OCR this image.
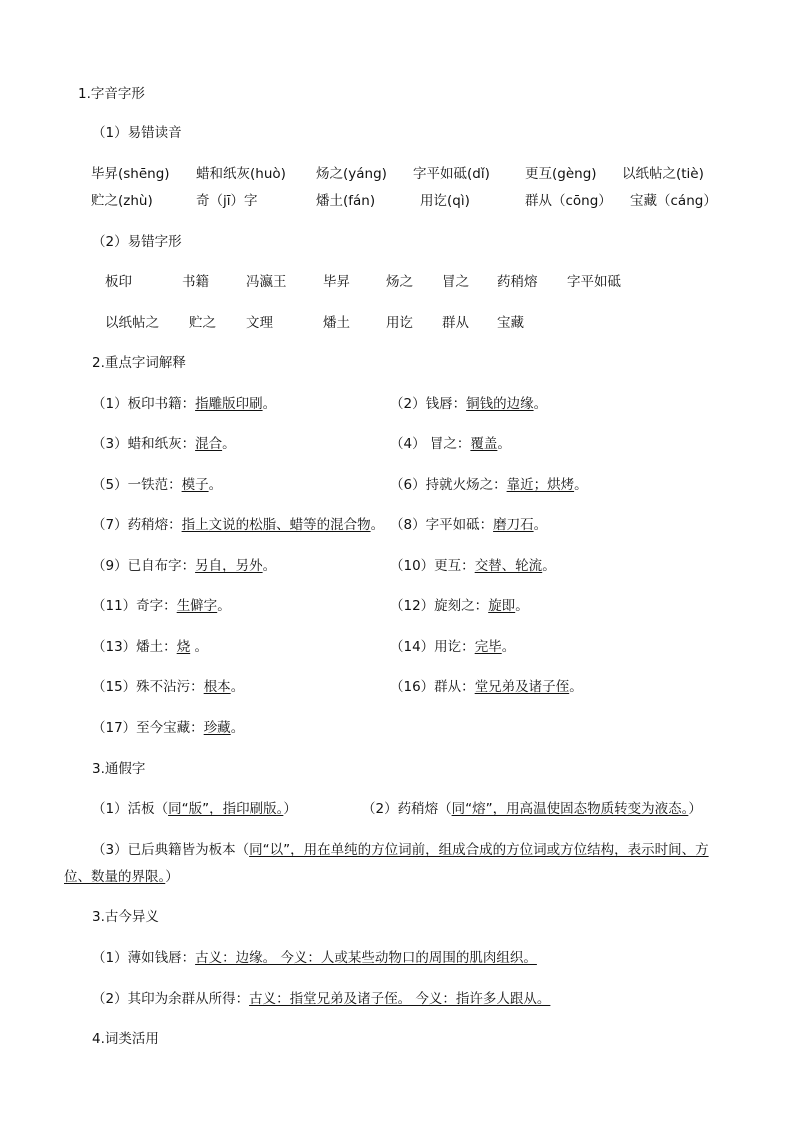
1.字音字形
（1）易错读音
毕昇(shēng) 蜡和纸灰(huò) 炀之(yáng) 字平如砥(dǐ)	更互(gèng) 以纸帖之(tiè)
贮之(zhù)	奇（jī）字	燔土(fán)	用讫(qì)	群从（cōng） 宝藏（cáng）
（2）易错字形
板印	书籍	冯瀛王	毕昇	炀之 冒之 药稍熔 字平如砥
以纸帖之 贮之 文理	燔土	用讫 群从 宝藏
2.重点字词解释
（1）板印书籍：指雕版印刷。	（2）钱唇：铜钱的边缘。
（3）蜡和纸灰：混合。	（4） 冒之：覆盖。
（5）一铁范：模子。	（6）持就火炀之：靠近；烘烤。
（7）药稍熔：指上文说的松脂、蜡等的混合物。 （8）字平如砥：磨刀石。
（9）已自布字：另自，另外。	（10）更互：交替、轮流。
（11）奇字：生僻字。	（12）旋刻之：旋即。
（13）燔土：烧 。	（14）用讫：完毕。
（15）殊不沾污：根本。	（16）群从：堂兄弟及诸子侄。
（17）至今宝藏：珍藏。
3.通假字
（1）活板（同“版”，指印刷版。）	（2）药稍熔（同“熔”，用高温使固态物质转变为液态。）
（3）已后典籍皆为板本（同“以”，用在单纯的方位词前，组成合成的方位词或方位结构，表示时间、方
位、数量的界限。）
3.古今异义
（1）薄如钱唇：古义：边缘。 今义：人或某些动物口的周围的肌肉组织。
（2）其印为余群从所得：古义：指堂兄弟及诸子侄。 今义：指许多人跟从。
4.词类活用
